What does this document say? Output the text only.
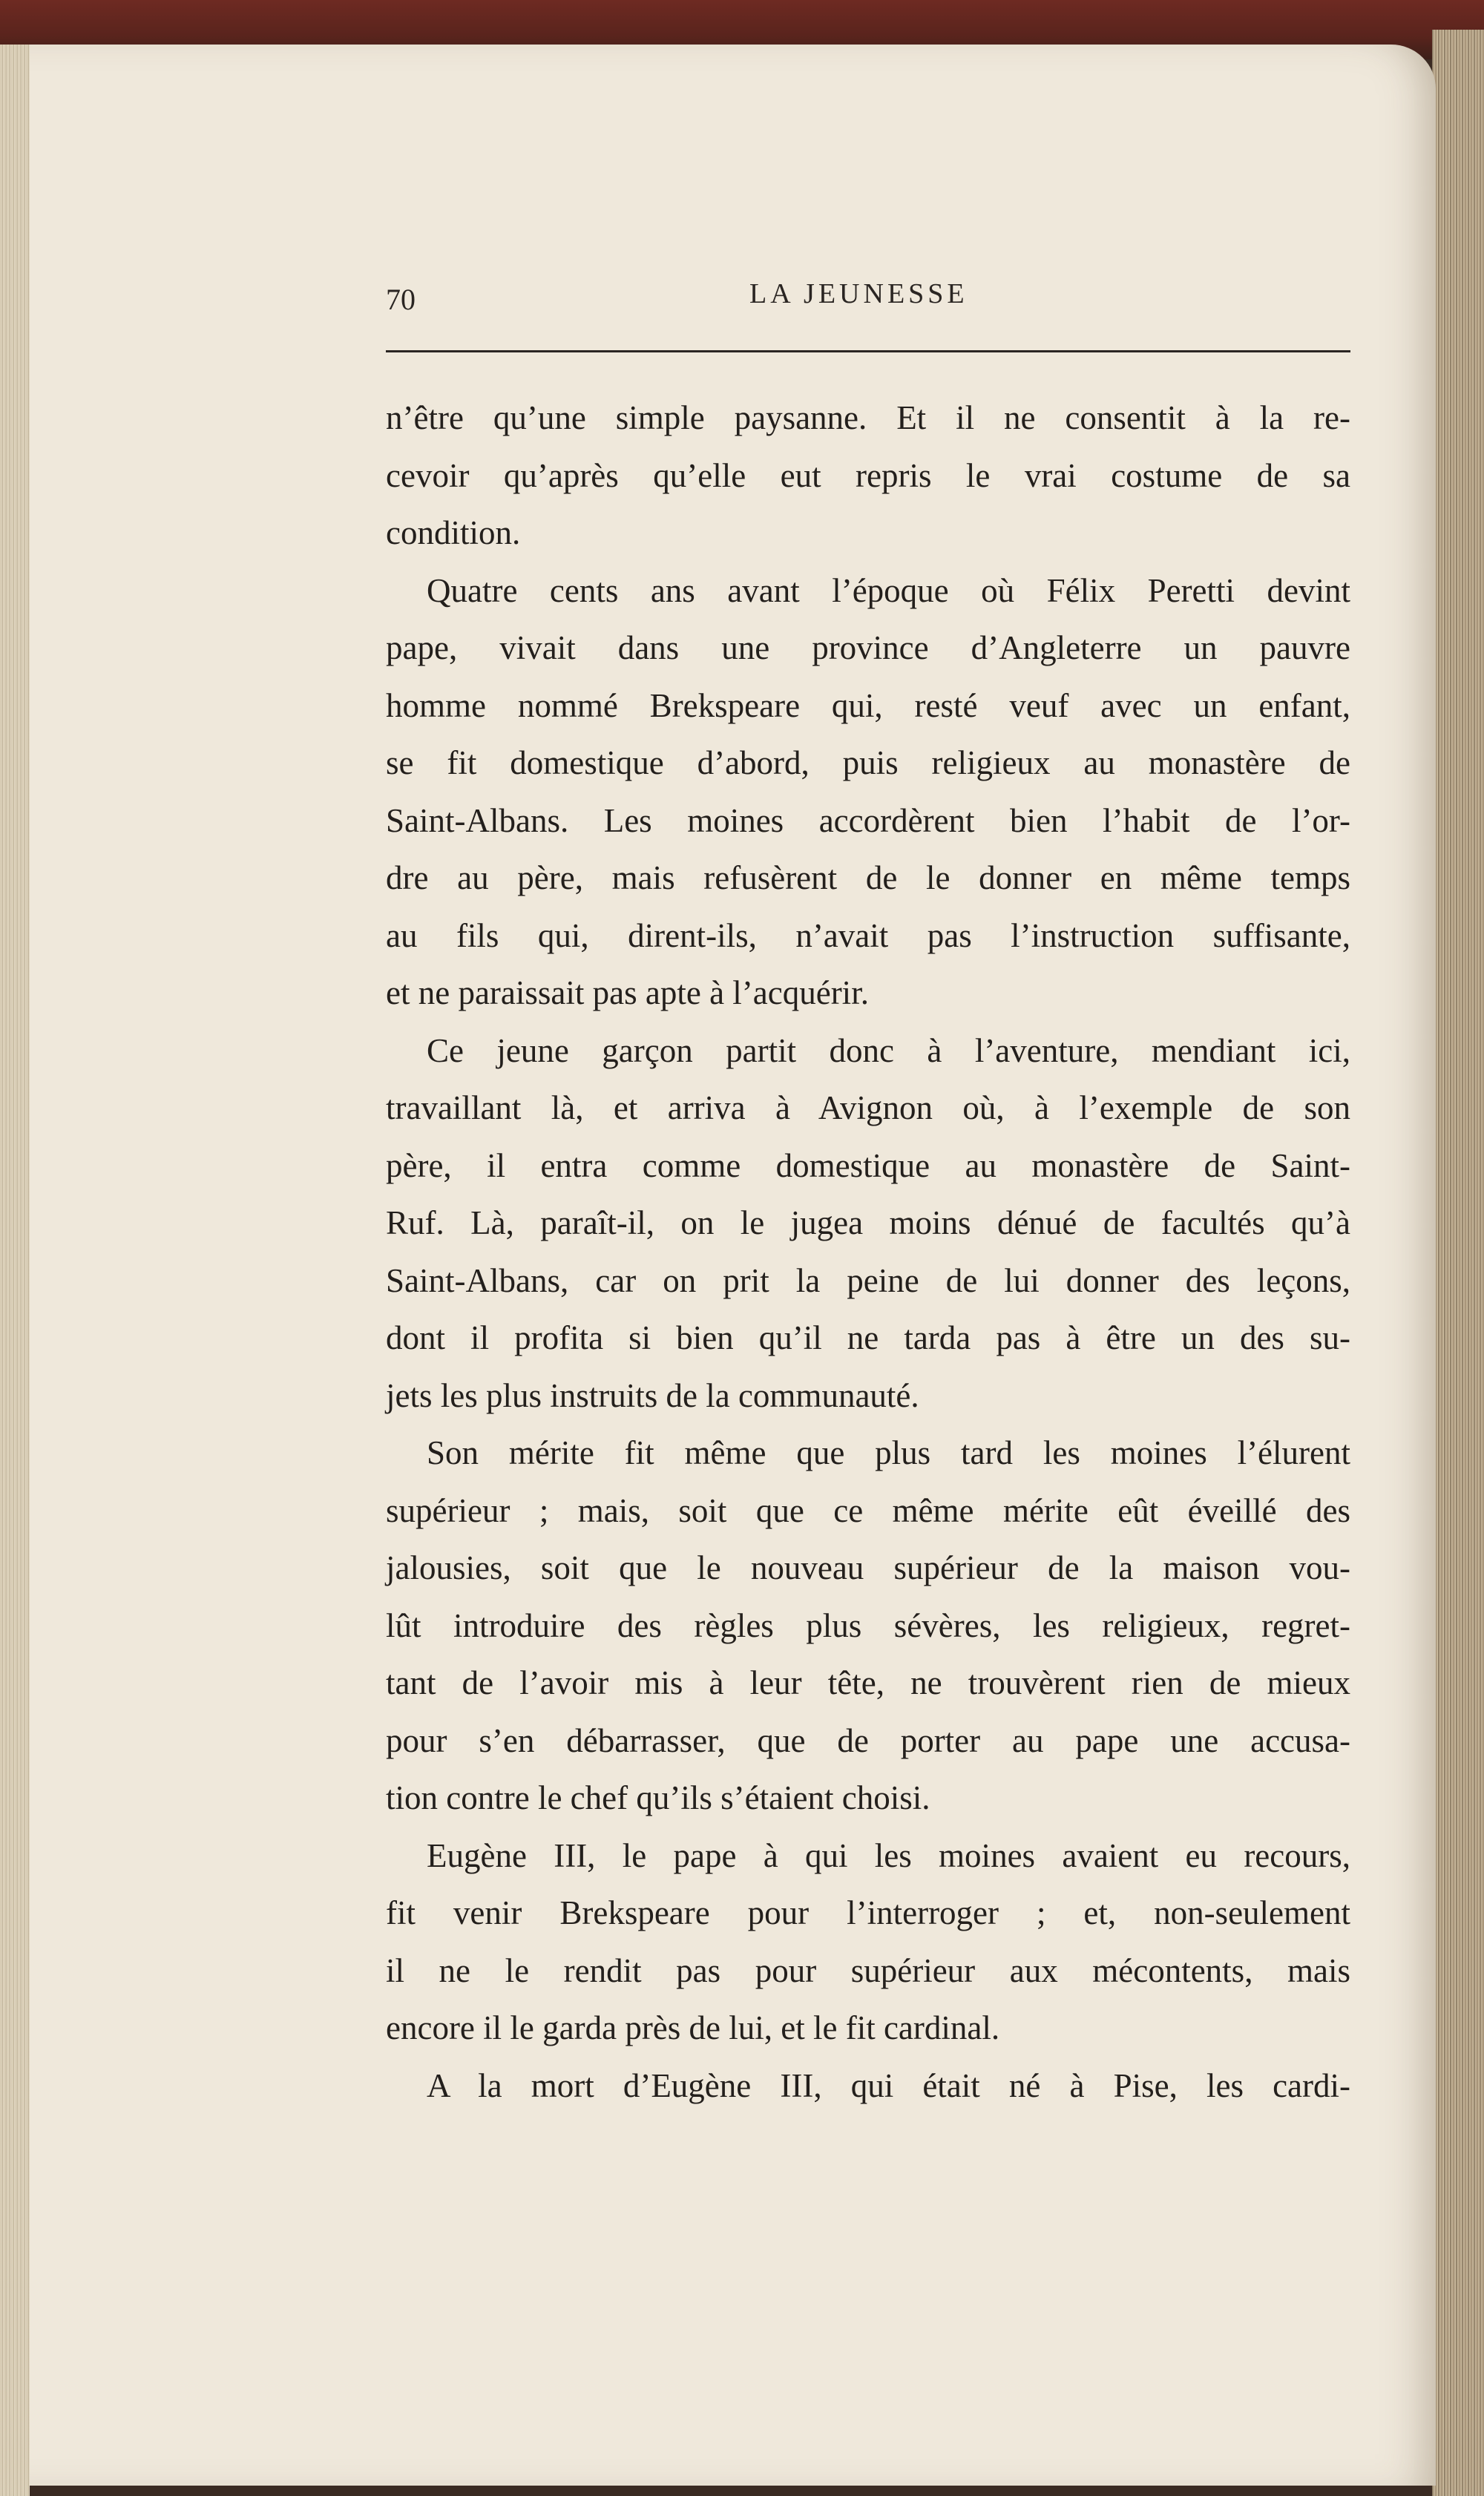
70	LA JEUNESSE
n’être qu’une simple paysanne. Et il ne consentit à la re-
cevoir qu’après qu’elle eut repris le vrai costume de sa
condition.
Quatre cents ans avant l’époque où Félix Peretti devint
pape, vivait dans une province d’Angleterre un pauvre
homme nommé Brekspeare qui, resté veuf avec un enfant,
se fit domestique d’abord, puis religieux au monastère de
Saint-Albans. Les moines accordèrent bien l’habit de l’or-
dre au père, mais refusèrent de le donner en même temps
au fils qui, dirent-ils, n’avait pas l’instruction suffisante,
et ne paraissait pas apte à l’acquérir.
Ce jeune garçon partit donc à l’aventure, mendiant ici,
travaillant là, et arriva à Avignon où, à l’exemple de son
père, il entra comme domestique au monastère de Saint-
Ruf. Là, paraît-il, on le jugea moins dénué de facultés qu’à
Saint-Albans, car on prit la peine de lui donner des leçons,
dont il profita si bien qu’il ne tarda pas à être un des su-
jets les plus instruits de la communauté.
Son mérite fit même que plus tard les moines l’élurent
supérieur ; mais, soit que ce même mérite eût éveillé des
jalousies, soit que le nouveau supérieur de la maison vou-
lût introduire des règles plus sévères, les religieux, regret-
tant de l’avoir mis à leur tête, ne trouvèrent rien de mieux
pour s’en débarrasser, que de porter au pape une accusa-
tion contre le chef qu’ils s’étaient choisi.
Eugène III, le pape à qui les moines avaient eu recours,
fit venir Brekspeare pour l’interroger ; et, non-seulement
il ne le rendit pas pour supérieur aux mécontents, mais
encore il le garda près de lui, et le fit cardinal.
A la mort d’Eugène III, qui était né à Pise, les cardi-
